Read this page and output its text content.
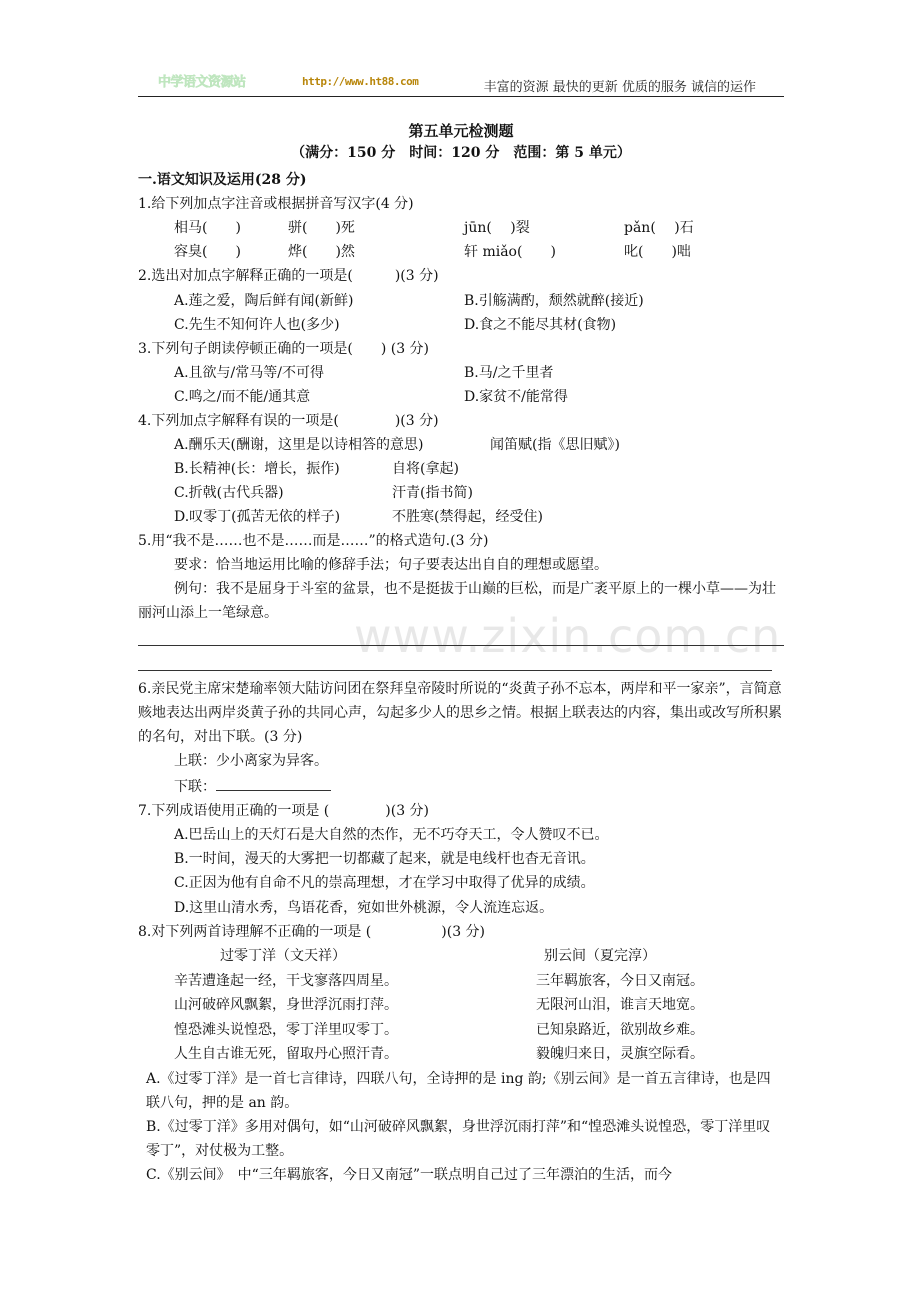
中学语文资源站	http://www.ht88.com	丰富的资源 最快的更新 优质的服务 诚信的运作
www.zixin.com.cn
第五单元检测题
（满分：150 分　时间：120 分　范围：第 5 单元）
一.语文知识及运用(28 分)
1.给下列加点字注音或根据拼音写汉字(4 分)
相马(　　)	骈(　　)死	jūn(　 )裂	pǎn(　 )石
容臭(　　)	烨(　　)然	轩 miǎo(　　)	叱(　　)咄
2.选出对加点字解释正确的一项是(　　　)(3 分)
A.莲之爱，陶后鲜有闻(新鲜)	B.引觞满酌，颓然就醉(接近)
C.先生不知何许人也(多少)	D.食之不能尽其材(食物)
3.下列句子朗读停顿正确的一项是(　　) (3 分)
A.且欲与/常马等/不可得	B.马/之千里者
C.鸣之/而不能/通其意	D.家贫不/能常得
4.下列加点字解释有误的一项是(　　　　)(3 分)
A.酬乐天(酬谢，这里是以诗相答的意思)	闻笛赋(指《思旧赋》)
B.长精神(长：增长，振作)	自将(拿起)
C.折戟(古代兵器)	汗青(指书简)
D.叹零丁(孤苦无依的样子)	不胜寒(禁得起，经受住)
5.用“我不是……也不是……而是……”的格式造句.(3 分)
要求：恰当地运用比喻的修辞手法；句子要表达出自自的理想或愿望。
例句：我不是屈身于斗室的盆景，也不是挺拔于山巅的巨松，而是广袤平原上的一棵小草——为壮丽河山添上一笔绿意。
6.亲民党主席宋楚瑜率领大陆访问团在祭拜皇帝陵时所说的“炎黄子孙不忘本，两岸和平一家亲”，言简意赅地表达出两岸炎黄子孙的共同心声，勾起多少人的思乡之情。根据上联表达的内容，集出或改写所积累的名句，对出下联。(3 分)
上联：少小离家为异客。
下联：
7.下列成语使用正确的一项是 (　　　　)(3 分)
A.巴岳山上的天灯石是大自然的杰作，无不巧夺天工，令人赞叹不已。
B.一时间，漫天的大雾把一切都藏了起来，就是电线杆也杳无音讯。
C.正因为他有自命不凡的崇高理想，才在学习中取得了优异的成绩。
D.这里山清水秀，鸟语花香，宛如世外桃源，令人流连忘返。
8.对下列两首诗理解不正确的一项是 (　　　　　)(3 分)
过零丁洋（文天祥）	别云间（夏完淳）
辛苦遭逢起一经，干戈寥落四周星。	三年羁旅客，今日又南冠。
山河破碎风飘絮，身世浮沉雨打萍。	无限河山泪，谁言天地宽。
惶恐滩头说惶恐，零丁洋里叹零丁。	已知泉路近，欲别故乡难。
人生自古谁无死，留取丹心照汗青。	毅魄归来日，灵旗空际看。
A.《过零丁洋》是一首七言律诗，四联八句，全诗押的是 ing 韵;《别云间》是一首五言律诗，也是四联八句，押的是 an 韵。
B.《过零丁洋》多用对偶句，如“山河破碎风飘絮，身世浮沉雨打萍”和“惶恐滩头说惶恐，零丁洋里叹零丁”，对仗极为工整。
C.《别云间》　中“三年羁旅客，今日又南冠”一联点明自己过了三年漂泊的生活，而今
